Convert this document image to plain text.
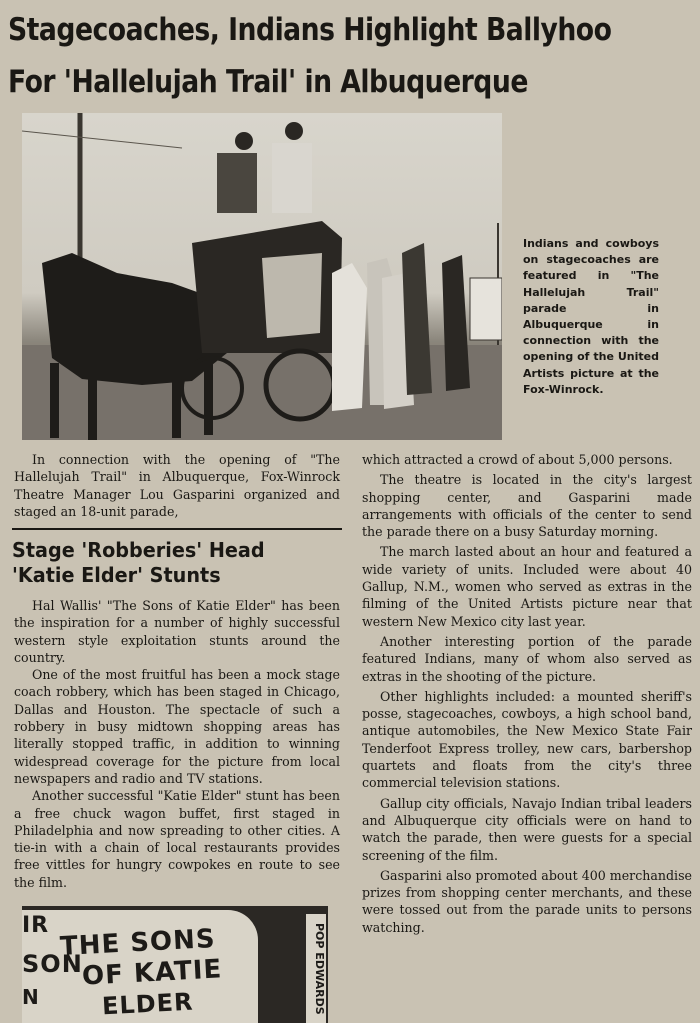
Stagecoaches, Indians Highlight Ballyhoo
For 'Hallelujah Trail' in Albuquerque
Indians and cowboys on stagecoaches are featured in "The Hallelujah Trail" parade in Albuquerque in connection with the opening of the United Artists picture at the Fox-Winrock.

In connection with the opening of "The Hallelujah Trail" in Albuquerque, Fox-Winrock Theatre Manager Lou Gasparini organized and staged an 18-unit parade,

Stage 'Robberies' Head
'Katie Elder' Stunts

Hal Wallis' "The Sons of Katie Elder" has been the inspiration for a number of highly successful western style exploitation stunts around the country.

One of the most fruitful has been a mock stage coach robbery, which has been staged in Chicago, Dallas and Houston. The spectacle of such a robbery in busy midtown shopping areas has literally stopped traffic, in addition to winning widespread coverage for the picture from local newspapers and radio and TV stations.

Another successful "Katie Elder" stunt has been a free chuck wagon buffet, first staged in Philadelphia and now spreading to other cities. A tie-in with a chain of local restaurants provides free vittles for hungry cowpokes en route to see the film.

which attracted a crowd of about 5,000 persons.

The theatre is located in the city's largest shopping center, and Gasparini made arrangements with officials of the center to send the parade there on a busy Saturday morning.

The march lasted about an hour and featured a wide variety of units. Included were about 40 Gallup, N.M., women who served as extras in the filming of the United Artists picture near that western New Mexico city last year.

Another interesting portion of the parade featured Indians, many of whom also served as extras in the shooting of the picture.

Other highlights included: a mounted sheriff's posse, stagecoaches, cowboys, a high school band, antique automobiles, the New Mexico State Fair Tenderfoot Express trolley, new cars, barbershop quartets and floats from the city's three commercial television stations.

Gallup city officials, Navajo Indian tribal leaders and Albuquerque city officials were on hand to watch the parade, then were guests for a special screening of the film.

Gasparini also promoted about 400 merchandise prizes from shopping center merchants, and these were tossed out from the parade units to persons watching.

IR THE SONS
SON
OF KATIE
N	ELDER	POP EDWARDS
